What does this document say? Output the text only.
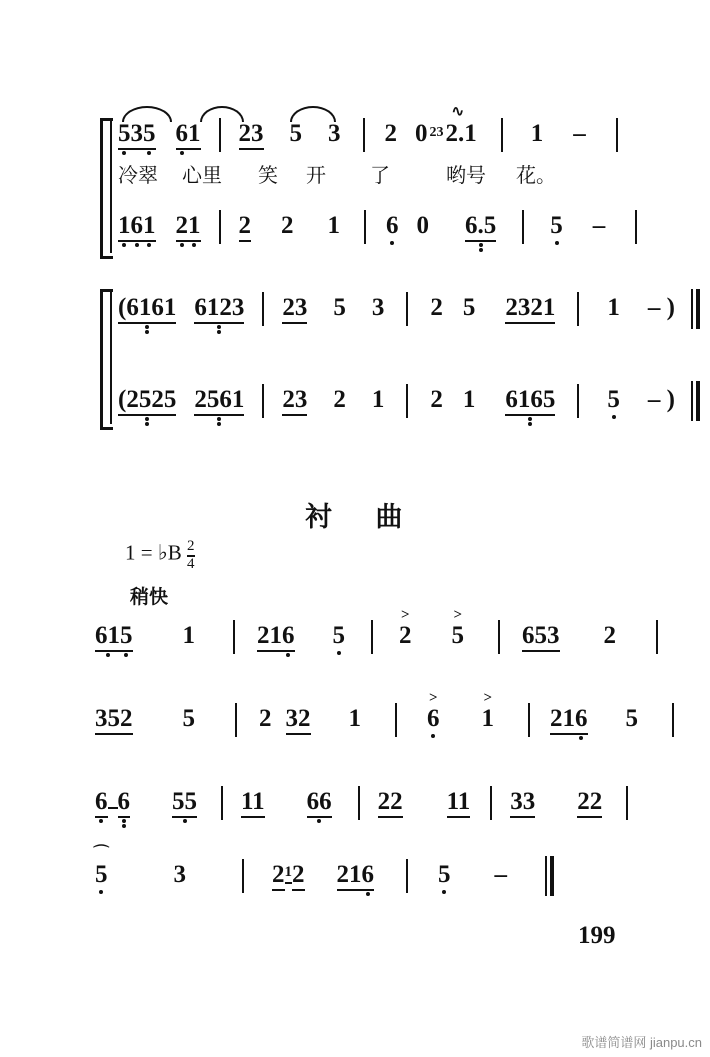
535 61 23 5 3 2 0 23

∿
2.1 1 –
冷翠 心里 笑 开 了	哟号 花。
161 21 2 2 1 6 0 6.5 5 –
(6161 6123 23 5 3 2 5 2321 1 – )
(2525 2561 23 2 1 2 1 6165 5 – )
衬 曲
1 = ♭B $\frac{2}{4}$
稍快
615 1 216 5
>
2
>
5 653 2
352 5	2 32 1
>
6
>
1 216 5
6 6 55 11 66 22 11 33 22
⌒
5	3	212 216	5 –
199
歌谱简谱网 jianpu.cn
